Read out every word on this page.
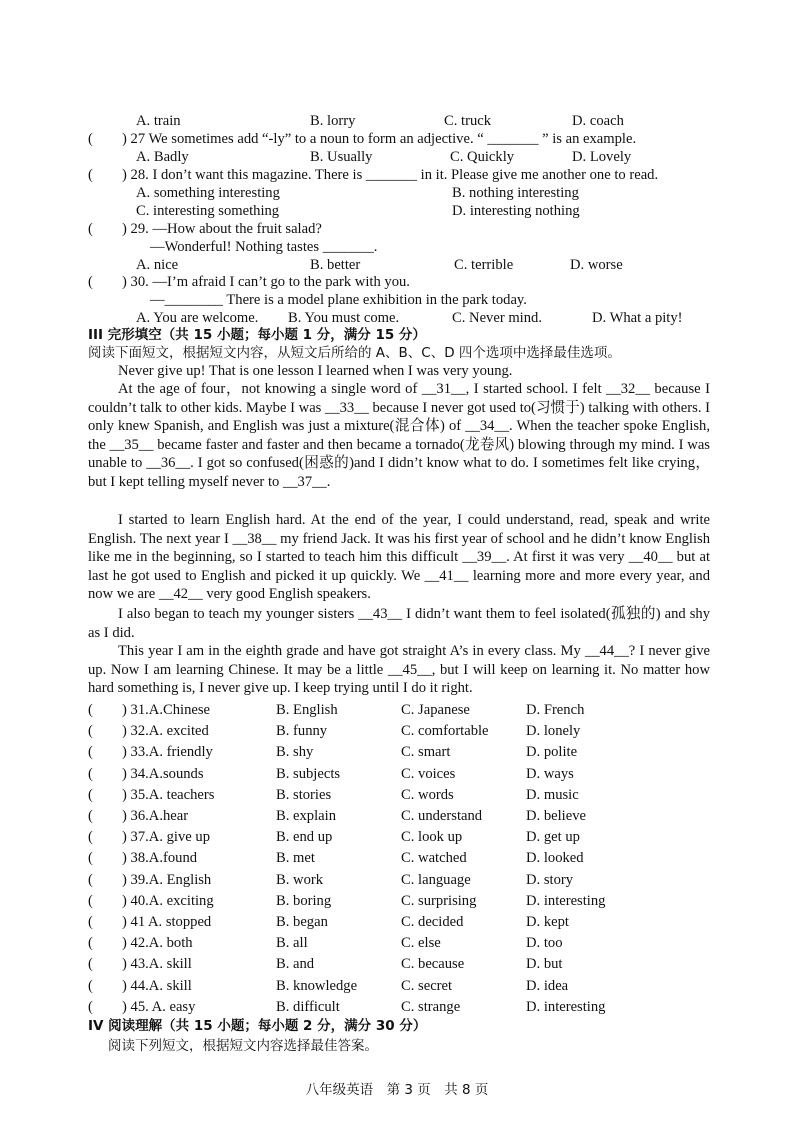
A. train	B. lorry	C. truck	D. coach
(　　) 27 We sometimes add “-ly” to a noun to form an adjective. “ _______ ” is an example.
A. Badly	B. Usually	C. Quickly	D. Lovely
(　　) 28. I don’t want this magazine. There is _______ in it. Please give me another one to read.
A. something interesting	B. nothing interesting
C. interesting something	D. interesting nothing
(　　) 29. —How about the fruit salad?
—Wonderful! Nothing tastes _______.
A. nice	B. better	C. terrible	D. worse
(　　) 30. —I’m afraid I can’t go to the park with you.
—________ There is a model plane exhibition in the park today.
A. You are welcome. B. You must come.	C. Never mind.	D. What a pity!
III 完形填空（共 15 小题；每小题 1 分，满分 15 分）
阅读下面短文，根据短文内容，从短文后所给的 A、B、C、D 四个选项中选择最佳选项。
Never give up! That is one lesson I learned when I was very young.
At the age of four，not knowing a single word of __31__, I started school. I felt __32__ because I couldn’t talk to other kids. Maybe I was __33__ because I never got used to(习惯于) talking with others. I only knew Spanish, and English was just a mixture(混合体) of __34__. When the teacher spoke English, the __35__ became faster and faster and then became a tornado(龙卷风) blowing through my mind. I was unable to __36__. I got so confused(困惑的)and I didn’t know what to do. I sometimes felt like crying，but I kept telling myself never to __37__.
I started to learn English hard. At the end of the year, I could understand, read, speak and write English. The next year I __38__ my friend Jack. It was his first year of school and he didn’t know English like me in the beginning, so I started to teach him this difficult __39__. At first it was very __40__ but at last he got used to English and picked it up quickly. We __41__ learning more and more every year, and now we are __42__ very good English speakers.
I also began to teach my younger sisters __43__ I didn’t want them to feel isolated(孤独的) and shy as I did.
This year I am in the eighth grade and have got straight A’s in every class. My __44__? I never give up. Now I am learning Chinese. It may be a little __45__, but I will keep on learning it. No matter how hard something is, I never give up. I keep trying until I do it right.
(　　) 31.A.Chinese	B. English	C. Japanese	D. French
(　　) 32.A. excited	B. funny	C. comfortable	D. lonely
(　　) 33.A. friendly	B. shy	C. smart	D. polite
(　　) 34.A.sounds	B. subjects	C. voices	D. ways
(　　) 35.A. teachers	B. stories	C. words	D. music
(　　) 36.A.hear	B. explain	C. understand	D. believe
(　　) 37.A. give up	B. end up	C. look up	D. get up
(　　) 38.A.found	B. met	C. watched	D. looked
(　　) 39.A. English	B. work	C. language	D. story
(　　) 40.A. exciting	B. boring	C. surprising	D. interesting
(　　) 41 A. stopped	B. began	C. decided	D. kept
(　　) 42.A. both	B. all	C. else	D. too
(　　) 43.A. skill	B. and	C. because	D. but
(　　) 44.A. skill	B. knowledge	C. secret	D. idea
(　　) 45. A. easy	B. difficult	C. strange	D. interesting
IV 阅读理解（共 15 小题；每小题 2 分，满分 30 分）
阅读下列短文，根据短文内容选择最佳答案。
八年级英语　第 3 页　共 8 页
